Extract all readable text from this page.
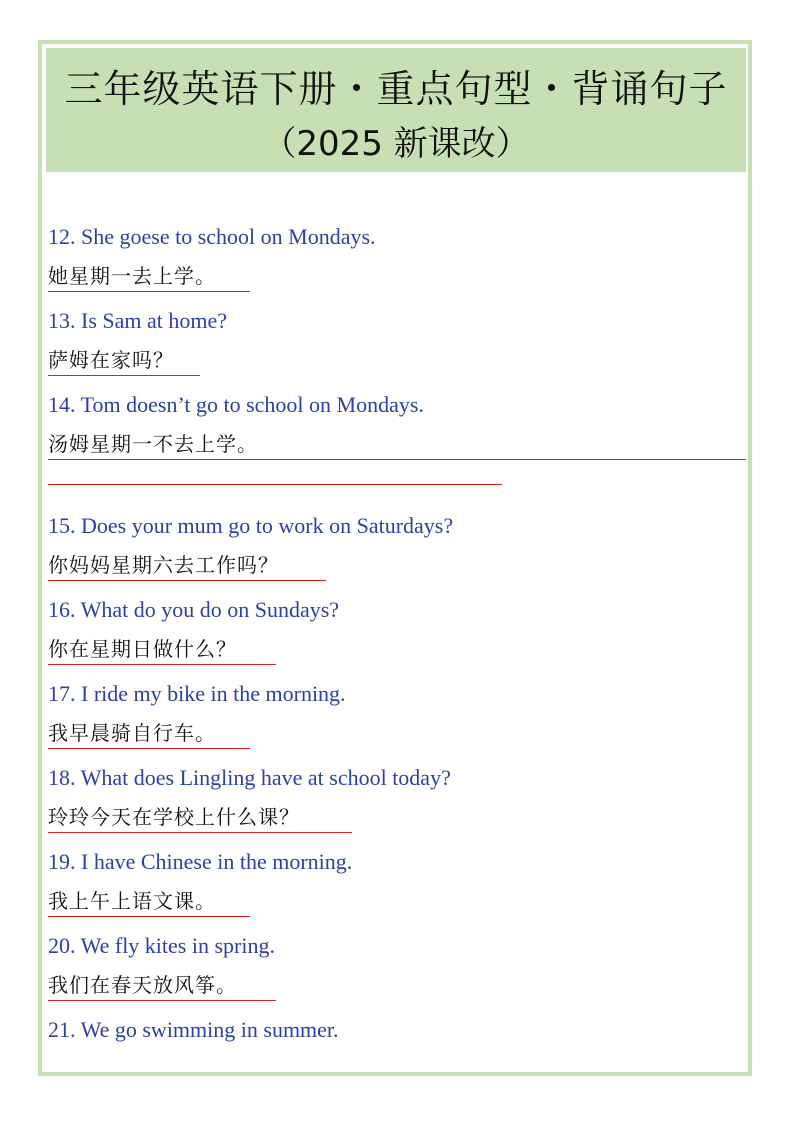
三年级英语下册・重点句型・背诵句子
（2025 新课改）
12. She goese to school on Mondays.
她星期一去上学。
13. Is Sam at home?
萨姆在家吗？
14. Tom doesn’t go to school on Mondays.
汤姆星期一不去上学。
15. Does your mum go to work on Saturdays?
你妈妈星期六去工作吗？
16. What do you do on Sundays?
你在星期日做什么？
17. I ride my bike in the morning.
我早晨骑自行车。
18. What does Lingling have at school today?
玲玲今天在学校上什么课？
19. I have Chinese in the morning.
我上午上语文课。
20. We fly kites in spring.
我们在春天放风筝。
21. We go swimming in summer.
